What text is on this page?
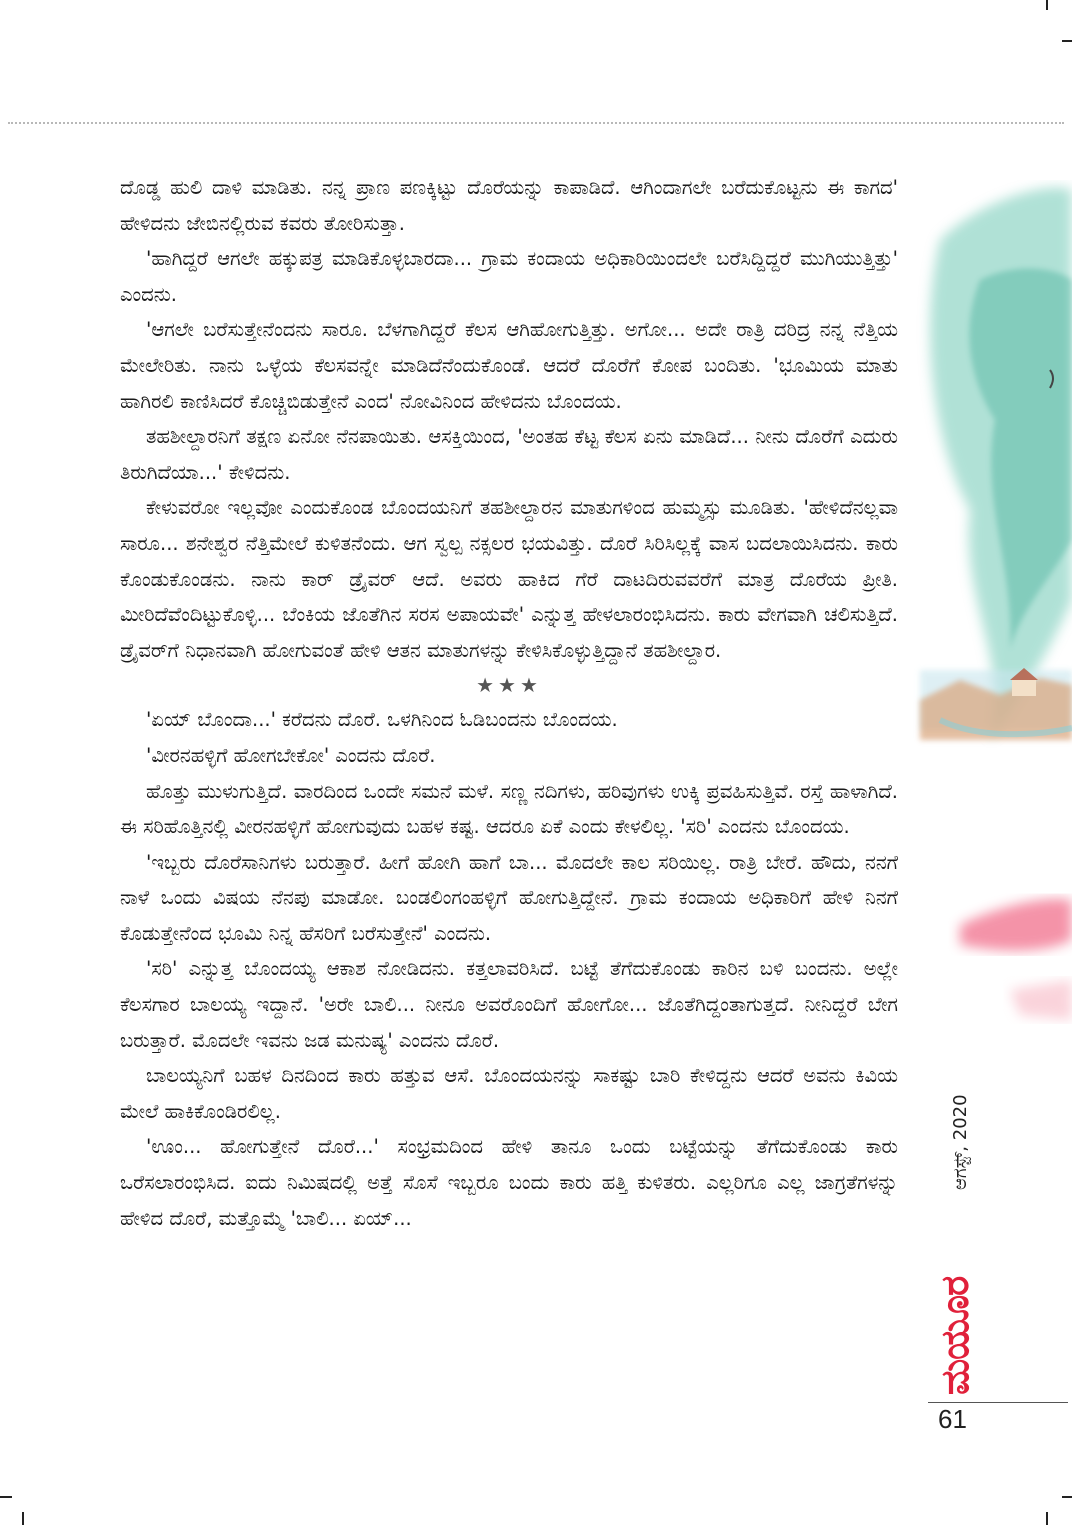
ದೊಡ್ಡ ಹುಲಿ ದಾಳಿ ಮಾಡಿತು. ನನ್ನ ಪ್ರಾಣ ಪಣಕ್ಕಿಟ್ಟು ದೊರೆಯನ್ನು ಕಾಪಾಡಿದೆ. ಆಗಿಂದಾಗಲೇ ಬರೆದುಕೊಟ್ಟನು ಈ ಕಾಗದ' ಹೇಳಿದನು ಜೇಬಿನಲ್ಲಿರುವ ಕವರು ತೋರಿಸುತ್ತಾ.

'ಹಾಗಿದ್ದರೆ ಆಗಲೇ ಹಕ್ಕುಪತ್ರ ಮಾಡಿಕೊಳ್ಳಬಾರದಾ... ಗ್ರಾಮ ಕಂದಾಯ ಅಧಿಕಾರಿಯಿಂದಲೇ ಬರೆಸಿದ್ದಿದ್ದರೆ ಮುಗಿಯುತ್ತಿತ್ತು' ಎಂದನು.

'ಆಗಲೇ ಬರೆಸುತ್ತೇನೆಂದನು ಸಾರೂ. ಬೆಳಗಾಗಿದ್ದರೆ ಕೆಲಸ ಆಗಿಹೋಗುತ್ತಿತ್ತು. ಅಗೋ... ಅದೇ ರಾತ್ರಿ ದರಿದ್ರ ನನ್ನ ನೆತ್ತಿಯ ಮೇಲೇರಿತು. ನಾನು ಒಳ್ಳೆಯ ಕೆಲಸವನ್ನೇ ಮಾಡಿದೆನೆಂದುಕೊಂಡೆ. ಆದರೆ ದೊರೆಗೆ ಕೋಪ ಬಂದಿತು. 'ಭೂಮಿಯ ಮಾತು ಹಾಗಿರಲಿ ಕಾಣಿಸಿದರೆ ಕೊಚ್ಚಿಬಿಡುತ್ತೇನೆ ಎಂದ' ನೋವಿನಿಂದ ಹೇಳಿದನು ಬೊಂದಯ.

ತಹಶೀಲ್ದಾರನಿಗೆ ತಕ್ಷಣ ಏನೋ ನೆನಪಾಯಿತು. ಆಸಕ್ತಿಯಿಂದ, 'ಅಂತಹ ಕೆಟ್ಟ ಕೆಲಸ ಏನು ಮಾಡಿದೆ... ನೀನು ದೊರೆಗೆ ಎದುರು ತಿರುಗಿದೆಯಾ...' ಕೇಳಿದನು.

ಕೇಳುವರೋ ಇಲ್ಲವೋ ಎಂದುಕೊಂಡ ಬೊಂದಯನಿಗೆ ತಹಶೀಲ್ದಾರನ ಮಾತುಗಳಿಂದ ಹುಮ್ಮಸ್ಸು ಮೂಡಿತು. 'ಹೇಳಿದೆನಲ್ಲವಾ ಸಾರೂ... ಶನೇಶ್ವರ ನೆತ್ತಿಮೇಲೆ ಕುಳಿತನೆಂದು. ಆಗ ಸ್ವಲ್ಪ ನಕ್ಸಲರ ಭಯವಿತ್ತು. ದೊರೆ ಸಿರಿಸಿಲ್ಲಕ್ಕೆ ವಾಸ ಬದಲಾಯಿಸಿದನು. ಕಾರು ಕೊಂಡುಕೊಂಡನು. ನಾನು ಕಾರ್ ಡ್ರೈವರ್ ಆದೆ. ಅವರು ಹಾಕಿದ ಗೆರೆ ದಾಟದಿರುವವರೆಗೆ ಮಾತ್ರ ದೊರೆಯ ಪ್ರೀತಿ. ಮೀರಿದೆವೆಂದಿಟ್ಟುಕೊಳ್ಳಿ... ಬೆಂಕಿಯ ಜೊತೆಗಿನ ಸರಸ ಅಪಾಯವೇ' ಎನ್ನುತ್ತ ಹೇಳಲಾರಂಭಿಸಿದನು. ಕಾರು ವೇಗವಾಗಿ ಚಲಿಸುತ್ತಿದೆ. ಡ್ರೈವರ್‌ಗೆ ನಿಧಾನವಾಗಿ ಹೋಗುವಂತೆ ಹೇಳಿ ಆತನ ಮಾತುಗಳನ್ನು ಕೇಳಿಸಿಕೊಳ್ಳುತ್ತಿದ್ದಾನೆ ತಹಶೀಲ್ದಾರ.

★★★

'ಏಯ್ ಬೊಂದಾ...' ಕರೆದನು ದೊರೆ. ಒಳಗಿನಿಂದ ಓಡಿಬಂದನು ಬೊಂದಯ.

'ವೀರನಹಳ್ಳಿಗೆ ಹೋಗಬೇಕೋ' ಎಂದನು ದೊರೆ.

ಹೊತ್ತು ಮುಳುಗುತ್ತಿದೆ. ವಾರದಿಂದ ಒಂದೇ ಸಮನೆ ಮಳೆ. ಸಣ್ಣ ನದಿಗಳು, ಹರಿವುಗಳು ಉಕ್ಕಿ ಪ್ರವಹಿಸುತ್ತಿವೆ. ರಸ್ತೆ ಹಾಳಾಗಿದೆ. ಈ ಸರಿಹೊತ್ತಿನಲ್ಲಿ ವೀರನಹಳ್ಳಿಗೆ ಹೋಗುವುದು ಬಹಳ ಕಷ್ಟ. ಆದರೂ ಏಕೆ ಎಂದು ಕೇಳಲಿಲ್ಲ. 'ಸರಿ' ಎಂದನು ಬೊಂದಯ.

'ಇಬ್ಬರು ದೊರೆಸಾನಿಗಳು ಬರುತ್ತಾರೆ. ಹೀಗೆ ಹೋಗಿ ಹಾಗೆ ಬಾ... ಮೊದಲೇ ಕಾಲ ಸರಿಯಿಲ್ಲ. ರಾತ್ರಿ ಬೇರೆ. ಹೌದು, ನನಗೆ ನಾಳೆ ಒಂದು ವಿಷಯ ನೆನಪು ಮಾಡೋ. ಬಂಡಲಿಂಗಂಹಳ್ಳಿಗೆ ಹೋಗುತ್ತಿದ್ದೇನೆ. ಗ್ರಾಮ ಕಂದಾಯ ಅಧಿಕಾರಿಗೆ ಹೇಳಿ ನಿನಗೆ ಕೊಡುತ್ತೇನೆಂದ ಭೂಮಿ ನಿನ್ನ ಹೆಸರಿಗೆ ಬರೆಸುತ್ತೇನೆ' ಎಂದನು.

'ಸರಿ' ಎನ್ನುತ್ತ ಬೊಂದಯ್ಯ ಆಕಾಶ ನೋಡಿದನು. ಕತ್ತಲಾವರಿಸಿದೆ. ಬಟ್ಟೆ ತೆಗೆದುಕೊಂಡು ಕಾರಿನ ಬಳಿ ಬಂದನು. ಅಲ್ಲೇ ಕೆಲಸಗಾರ ಬಾಲಯ್ಯ ಇದ್ದಾನೆ. 'ಅರೇ ಬಾಲಿ... ನೀನೂ ಅವರೊಂದಿಗೆ ಹೋಗೋ... ಜೊತೆಗಿದ್ದಂತಾಗುತ್ತದೆ. ನೀನಿದ್ದರೆ ಬೇಗ ಬರುತ್ತಾರೆ. ಮೊದಲೇ ಇವನು ಜಡ ಮನುಷ್ಯ' ಎಂದನು ದೊರೆ.

ಬಾಲಯ್ಯನಿಗೆ ಬಹಳ ದಿನದಿಂದ ಕಾರು ಹತ್ತುವ ಆಸೆ. ಬೊಂದಯನನ್ನು ಸಾಕಷ್ಟು ಬಾರಿ ಕೇಳಿದ್ದನು ಆದರೆ ಅವನು ಕಿವಿಯ ಮೇಲೆ ಹಾಕಿಕೊಂಡಿರಲಿಲ್ಲ.

'ಊಂ... ಹೋಗುತ್ತೇನೆ ದೊರೆ...' ಸಂಭ್ರಮದಿಂದ ಹೇಳಿ ತಾನೂ ಒಂದು ಬಟ್ಟೆಯನ್ನು ತೆಗೆದುಕೊಂಡು ಕಾರು ಒರೆಸಲಾರಂಭಿಸಿದ. ಐದು ನಿಮಿಷದಲ್ಲಿ ಅತ್ತೆ ಸೊಸೆ ಇಬ್ಬರೂ ಬಂದು ಕಾರು ಹತ್ತಿ ಕುಳಿತರು. ಎಲ್ಲರಿಗೂ ಎಲ್ಲ ಜಾಗ್ರತೆಗಳನ್ನು ಹೇಳಿದ ದೊರೆ, ಮತ್ತೊಮ್ಮೆ 'ಬಾಲಿ... ಏಯ್...

ಆಗಸ್ಟ್, 2020
ಮಯೂರ
61
